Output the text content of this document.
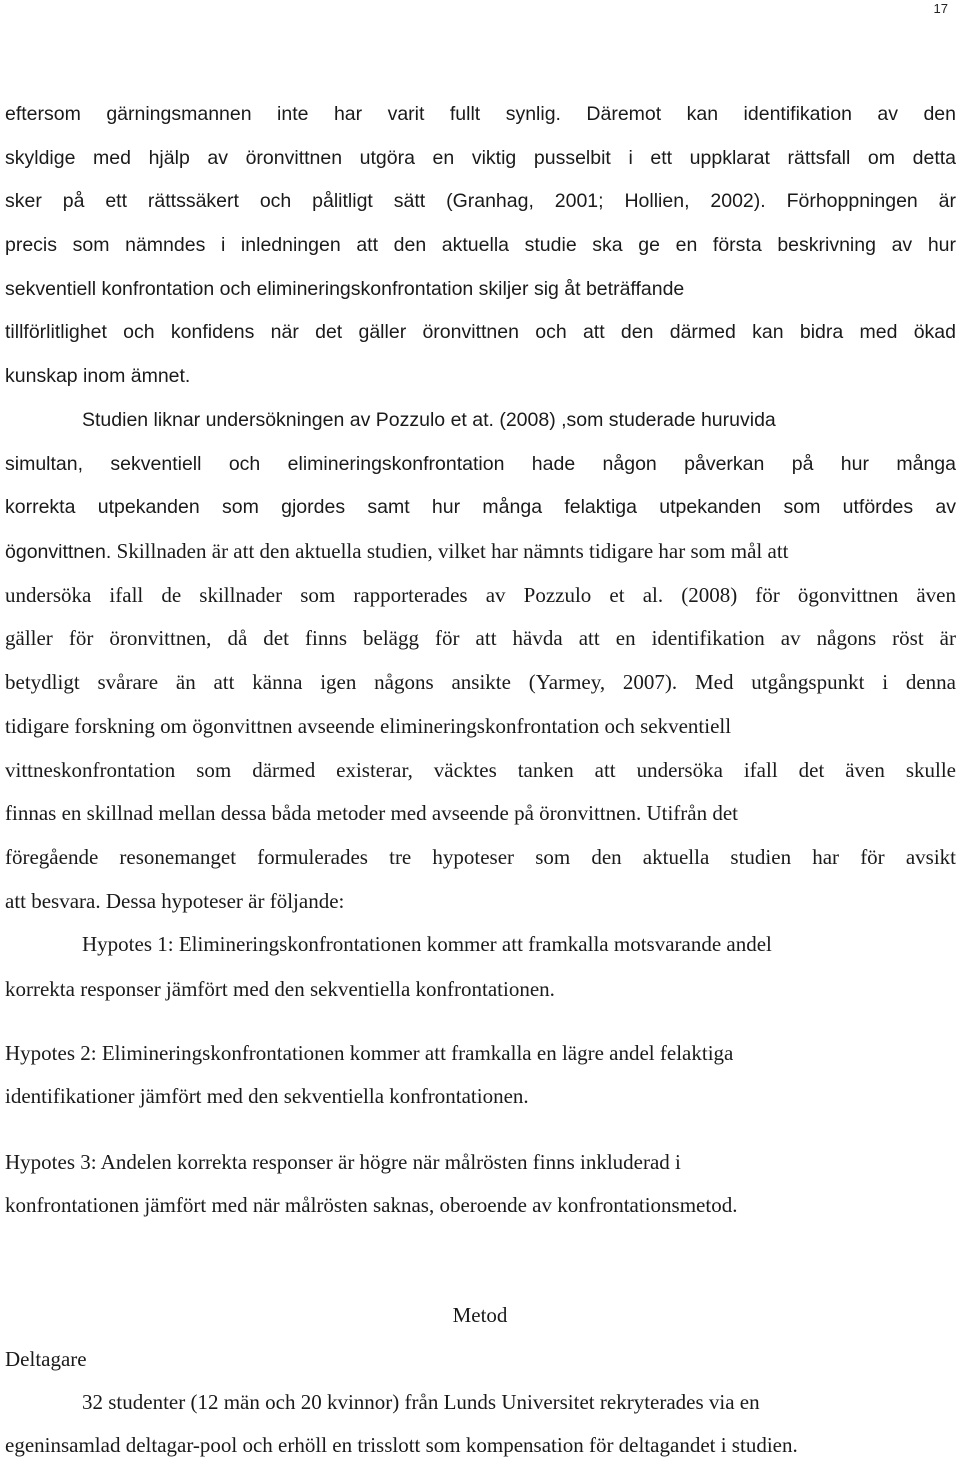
17
eftersom gärningsmannen inte har varit fullt synlig. Däremot kan identifikation av den
skyldige med hjälp av öronvittnen utgöra en viktig pusselbit i ett uppklarat rättsfall om detta
sker på ett rättssäkert och pålitligt sätt (Granhag, 2001; Hollien, 2002). Förhoppningen är
precis som nämndes i inledningen att den aktuella studie ska ge en första beskrivning av hur
sekventiell konfrontation och elimineringskonfrontation skiljer sig åt beträffande
tillförlitlighet och konfidens när det gäller öronvittnen och att den därmed kan bidra med ökad
kunskap inom ämnet.
Studien liknar undersökningen av Pozzulo et at. (2008) ,som studerade huruvida
simultan, sekventiell och elimineringskonfrontation hade någon påverkan på hur många
korrekta utpekanden som gjordes samt hur många felaktiga utpekanden som utfördes av
ögonvittnen. Skillnaden är att den aktuella studien, vilket har nämnts tidigare har som mål att
undersöka ifall de skillnader som rapporterades av Pozzulo et al. (2008) för ögonvittnen även
gäller för öronvittnen, då det finns belägg för att hävda att en identifikation av någons röst är
betydligt svårare än att känna igen någons ansikte (Yarmey, 2007). Med utgångspunkt i denna
tidigare forskning om ögonvittnen avseende elimineringskonfrontation och sekventiell
vittneskonfrontation som därmed existerar, väcktes tanken att undersöka ifall det även skulle
finnas en skillnad mellan dessa båda metoder med avseende på öronvittnen. Utifrån det
föregående resonemanget formulerades tre hypoteser som den aktuella studien har för avsikt
att besvara. Dessa hypoteser är följande:
Hypotes 1: Elimineringskonfrontationen kommer att framkalla motsvarande andel
korrekta responser jämfört med den sekventiella konfrontationen.
Hypotes 2: Elimineringskonfrontationen kommer att framkalla en lägre andel felaktiga
identifikationer jämfört med den sekventiella konfrontationen.
Hypotes 3: Andelen korrekta responser är högre när målrösten finns inkluderad i
konfrontationen jämfört med när målrösten saknas, oberoende av konfrontationsmetod.
Metod
Deltagare
32 studenter (12 män och 20 kvinnor) från Lunds Universitet rekryterades via en
egeninsamlad deltagar-pool och erhöll en trisslott som kompensation för deltagandet i studien.
